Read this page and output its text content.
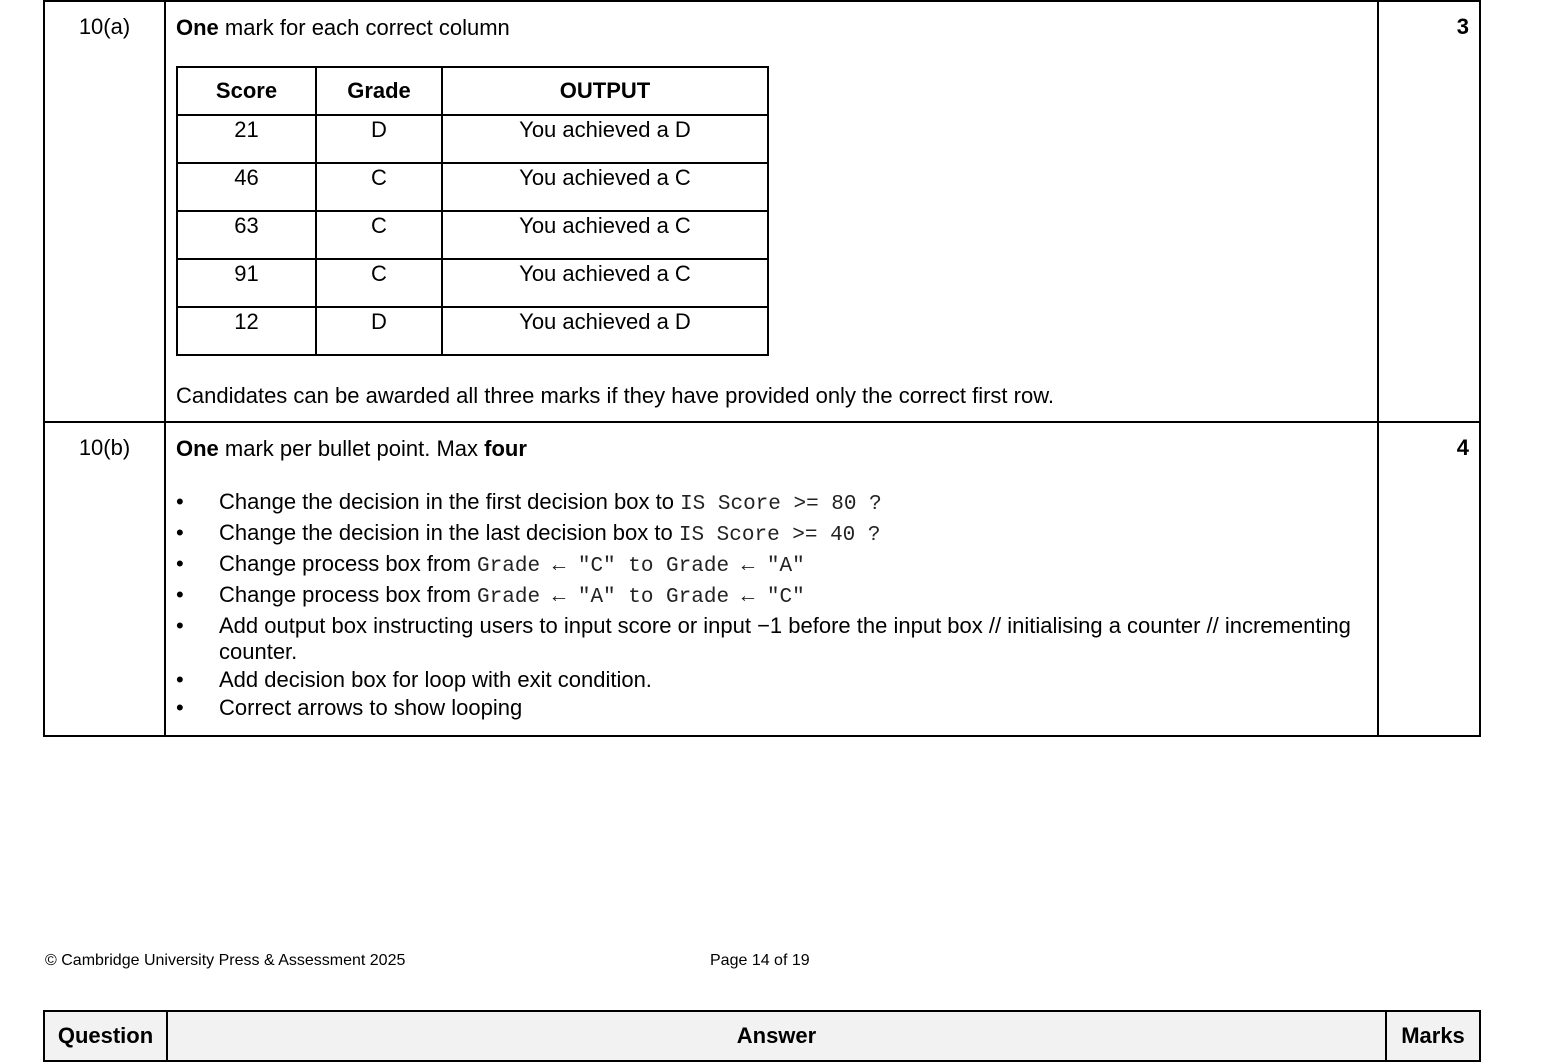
10(a)	One mark for each correct column
Score	Grade	OUTPUT
21	D	You achieved a D
46	C	You achieved a C
63	C	You achieved a C
91	C	You achieved a C
12	D	You achieved a D
Candidates can be awarded all three marks if they have provided only the correct first row.
	3
10(b)	One mark per bullet point. Max four
• Change the decision in the first decision box to IS Score >= 80 ?
• Change the decision in the last decision box to IS Score >= 40 ?
• Change process box from Grade ← "C" to Grade ← "A"
• Change process box from Grade ← "A" to Grade ← "C"
• Add output box instructing users to input score or input −1 before the input box // initialising a counter // incrementing counter.
• Add decision box for loop with exit condition.
• Correct arrows to show looping
	4
© Cambridge University Press & Assessment 2025	Page 14 of 19
Question	Answer	Marks
